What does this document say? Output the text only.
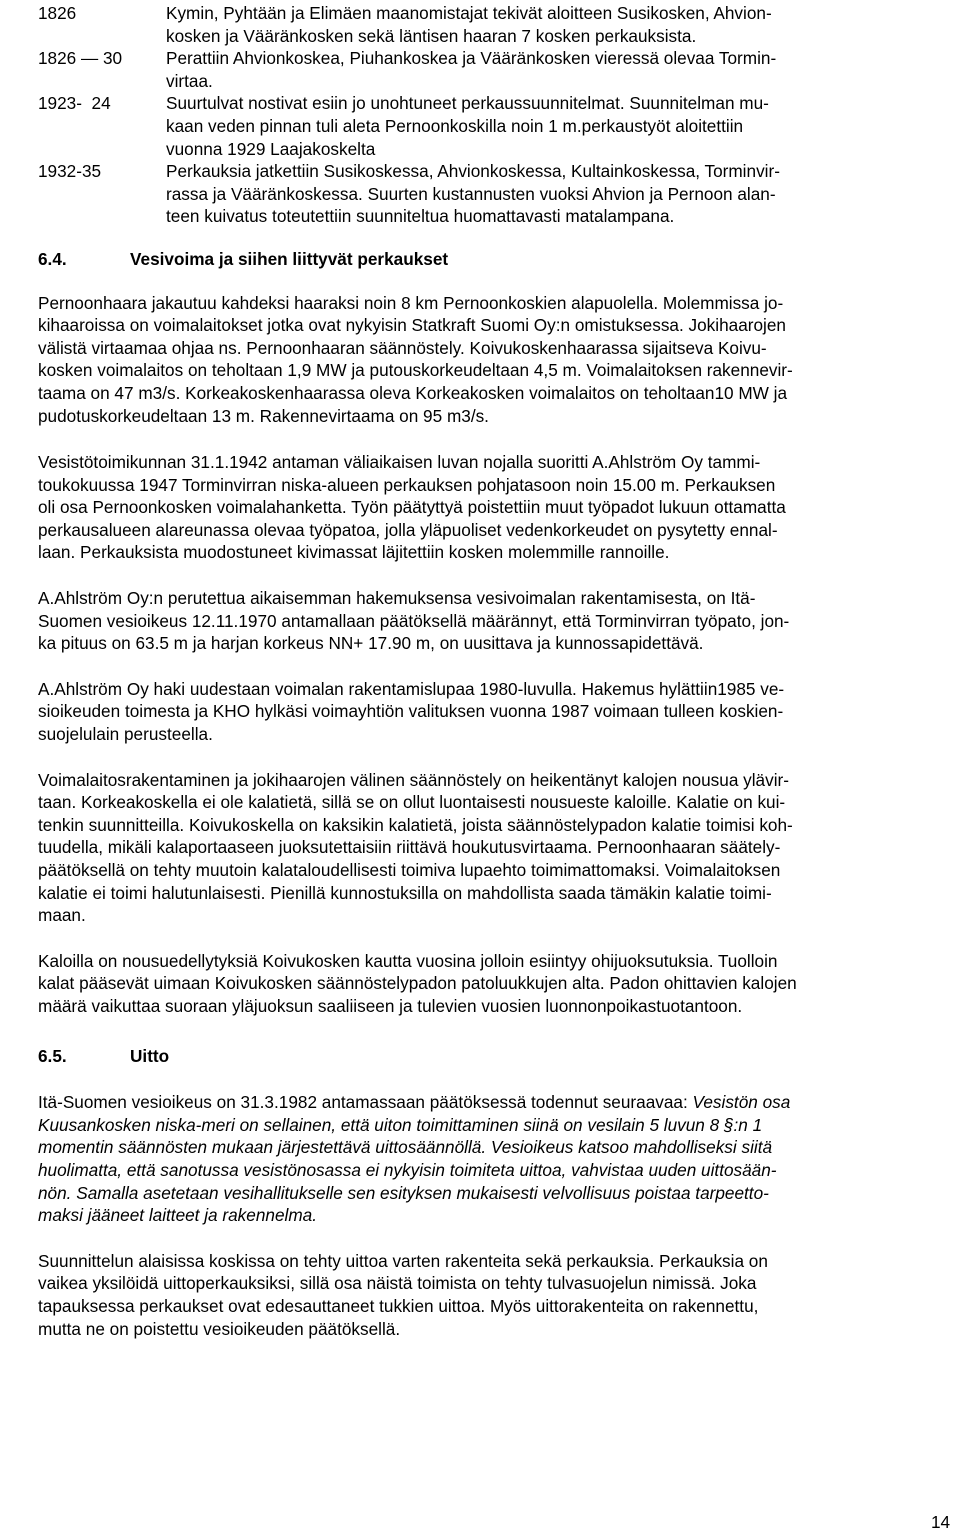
1826	Kymin, Pyhtään ja Elimäen maanomistajat tekivät aloitteen Susikosken, Ahvion-
kosken ja Vääränkosken sekä läntisen haaran 7 kosken perkauksista.
1826 — 30	Perattiin Ahvionkoskea, Piuhankoskea ja Vääränkosken vieressä olevaa Tormin-
virtaa.
1923-  24	Suurtulvat nostivat esiin jo unohtuneet perkaussuunnitelmat. Suunnitelman mu-
kaan veden pinnan tuli aleta Pernoonkoskilla noin 1 m.perkaustyöt aloitettiin
vuonna 1929 Laajakoskelta
1932-35	Perkauksia jatkettiin Susikoskessa, Ahvionkoskessa, Kultainkoskessa, Torminvir-
rassa ja Vääränkoskessa. Suurten kustannusten vuoksi Ahvion ja Pernoon alan-
teen kuivatus toteutettiin suunniteltua huomattavasti matalampana.
6.4.	Vesivoima ja siihen liittyvät perkaukset

Pernoonhaara jakautuu kahdeksi haaraksi noin 8 km Pernoonkoskien alapuolella. Molemmissa jo-
kihaaroissa on voimalaitokset jotka ovat nykyisin Statkraft Suomi Oy:n omistuksessa. Jokihaarojen
välistä virtaamaa ohjaa ns. Pernoonhaaran säännöstely. Koivukoskenhaarassa sijaitseva Koivu-
kosken voimalaitos on teholtaan 1,9 MW ja putouskorkeudeltaan 4,5 m. Voimalaitoksen rakennevir-
taama on 47 m3/s. Korkeakoskenhaarassa oleva Korkeakosken voimalaitos on teholtaan10 MW ja
pudotuskorkeudeltaan 13 m. Rakennevirtaama on 95 m3/s.

Vesistötoimikunnan 31.1.1942 antaman väliaikaisen luvan nojalla suoritti A.Ahlström Oy tammi-
toukokuussa 1947 Torminvirran niska-alueen perkauksen pohjatasoon noin 15.00 m. Perkauksen
oli osa Pernoonkosken voimalahanketta. Työn päätyttyä poistettiin muut työpadot lukuun ottamatta
perkausalueen alareunassa olevaa työpatoa, jolla yläpuoliset vedenkorkeudet on pysytetty ennal-
laan. Perkauksista muodostuneet kivimassat läjitettiin kosken molemmille rannoille.

A.Ahlström Oy:n perutettua aikaisemman hakemuksensa vesivoimalan rakentamisesta, on Itä-
Suomen vesioikeus 12.11.1970 antamallaan päätöksellä määrännyt, että Torminvirran työpato, jon-
ka pituus on 63.5 m ja harjan korkeus NN+ 17.90 m, on uusittava ja kunnossapidettävä.

A.Ahlström Oy haki uudestaan voimalan rakentamislupaa 1980-luvulla. Hakemus hylättiin1985 ve-
sioikeuden toimesta ja KHO hylkäsi voimayhtiön valituksen vuonna 1987 voimaan tulleen koskien-
suojelulain perusteella.

Voimalaitosrakentaminen ja jokihaarojen välinen säännöstely on heikentänyt kalojen nousua ylävir-
taan. Korkeakoskella ei ole kalatietä, sillä se on ollut luontaisesti nousueste kaloille. Kalatie on kui-
tenkin suunnitteilla. Koivukoskella on kaksikin kalatietä, joista säännöstelypadon kalatie toimisi koh-
tuudella, mikäli kalaportaaseen juoksutettaisiin riittävä houkutusvirtaama. Pernoonhaaran säätely-
päätöksellä on tehty muutoin kalataloudellisesti toimiva lupaehto toimimattomaksi. Voimalaitoksen
kalatie ei toimi halutunlaisesti. Pienillä kunnostuksilla on mahdollista saada tämäkin kalatie toimi-
maan.

Kaloilla on nousuedellytyksiä Koivukosken kautta vuosina jolloin esiintyy ohijuoksutuksia. Tuolloin
kalat pääsevät uimaan Koivukosken säännöstelypadon patoluukkujen alta. Padon ohittavien kalojen
määrä vaikuttaa suoraan yläjuoksun saaliiseen ja tulevien vuosien luonnonpoikastuotantoon.

6.5.	Uitto

Itä-Suomen vesioikeus on 31.3.1982 antamassaan päätöksessä todennut seuraavaa: Vesistön osa
Kuusankosken niska-meri on sellainen, että uiton toimittaminen siinä on vesilain 5 luvun 8 §:n 1
momentin säännösten mukaan järjestettävä uittosäännöllä. Vesioikeus katsoo mahdolliseksi siitä
huolimatta, että sanotussa vesistönosassa ei nykyisin toimiteta uittoa, vahvistaa uuden uittosään-
nön. Samalla asetetaan vesihallitukselle sen esityksen mukaisesti velvollisuus poistaa tarpeetto-
maksi jääneet laitteet ja rakennelma.

Suunnittelun alaisissa koskissa on tehty uittoa varten rakenteita sekä perkauksia. Perkauksia on
vaikea yksilöidä uittoperkauksiksi, sillä osa näistä toimista on tehty tulvasuojelun nimissä. Joka
tapauksessa perkaukset ovat edesauttaneet tukkien uittoa. Myös uittorakenteita on rakennettu,
mutta ne on poistettu vesioikeuden päätöksellä.

14
